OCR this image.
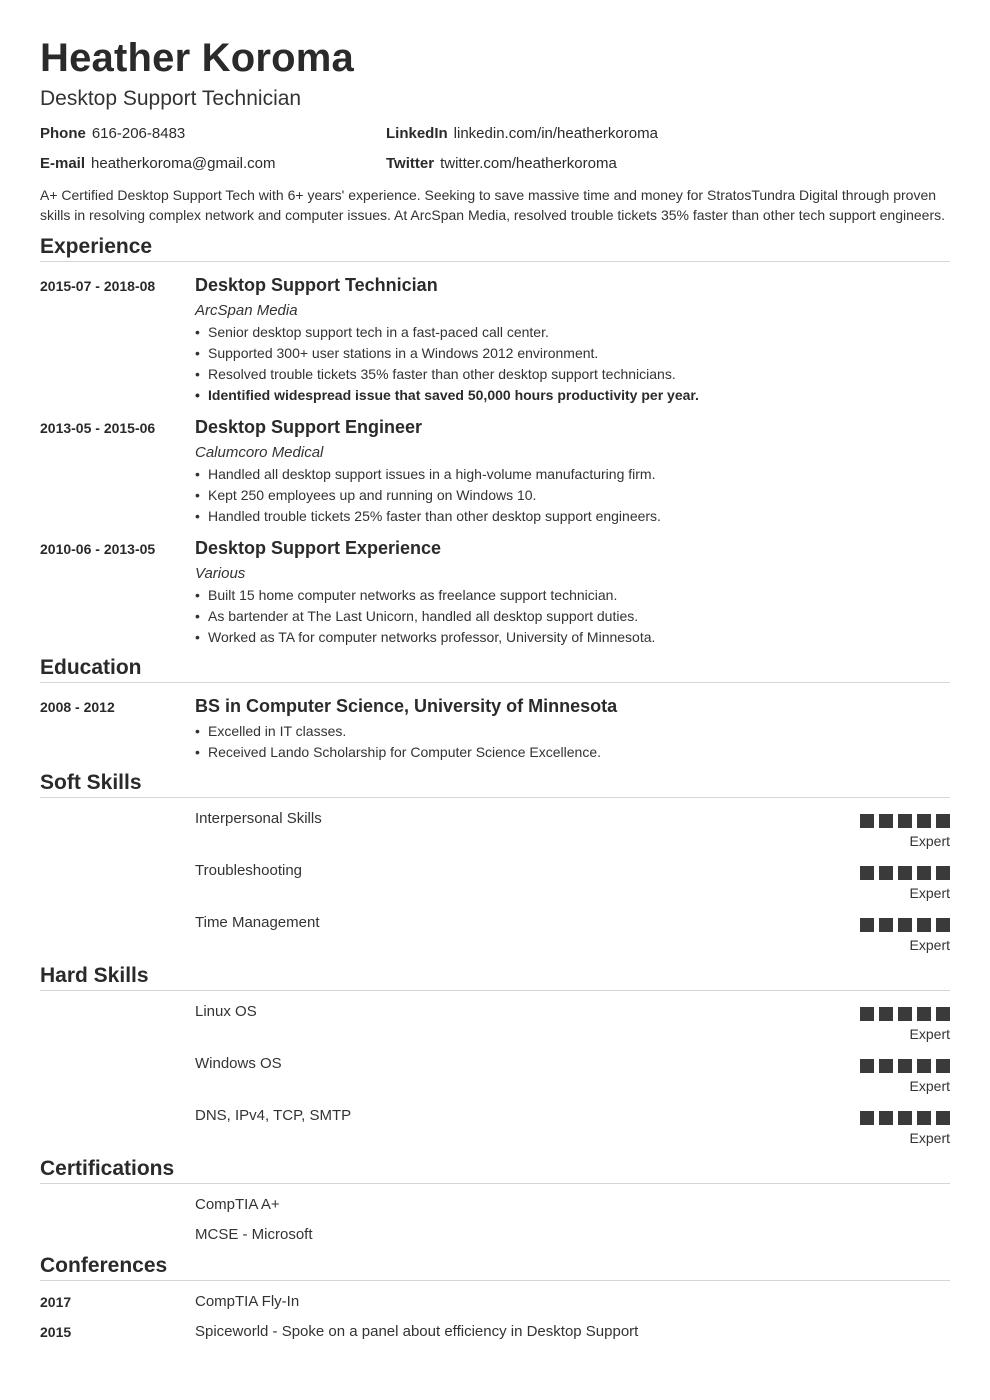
Heather Koroma
Desktop Support Technician
Phone 616-206-8483	LinkedIn linkedin.com/in/heatherkoroma
E-mail heatherkoroma@gmail.com	Twitter twitter.com/heatherkoroma
A+ Certified Desktop Support Tech with 6+ years' experience. Seeking to save massive time and money for StratosTundra Digital through proven skills in resolving complex network and computer issues. At ArcSpan Media, resolved trouble tickets 35% faster than other tech support engineers.
Experience
2015-07 - 2018-08 Desktop Support Technician
ArcSpan Media
• Senior desktop support tech in a fast-paced call center.
• Supported 300+ user stations in a Windows 2012 environment.
• Resolved trouble tickets 35% faster than other desktop support technicians.
• Identified widespread issue that saved 50,000 hours productivity per year.
2013-05 - 2015-06 Desktop Support Engineer
Calumcoro Medical
• Handled all desktop support issues in a high-volume manufacturing firm.
• Kept 250 employees up and running on Windows 10.
• Handled trouble tickets 25% faster than other desktop support engineers.
2010-06 - 2013-05 Desktop Support Experience
Various
• Built 15 home computer networks as freelance support technician.
• As bartender at The Last Unicorn, handled all desktop support duties.
• Worked as TA for computer networks professor, University of Minnesota.
Education
2008 - 2012	BS in Computer Science, University of Minnesota
• Excelled in IT classes.
• Received Lando Scholarship for Computer Science Excellence.
Soft Skills
Interpersonal Skills
Expert
Troubleshooting
Expert
Time Management
Expert
Hard Skills
Linux OS
Expert
Windows OS
Expert
DNS, IPv4, TCP, SMTP
Expert
Certifications
CompTIA A+
MCSE - Microsoft
Conferences
2017	CompTIA Fly-In
2015	Spiceworld - Spoke on a panel about efficiency in Desktop Support
